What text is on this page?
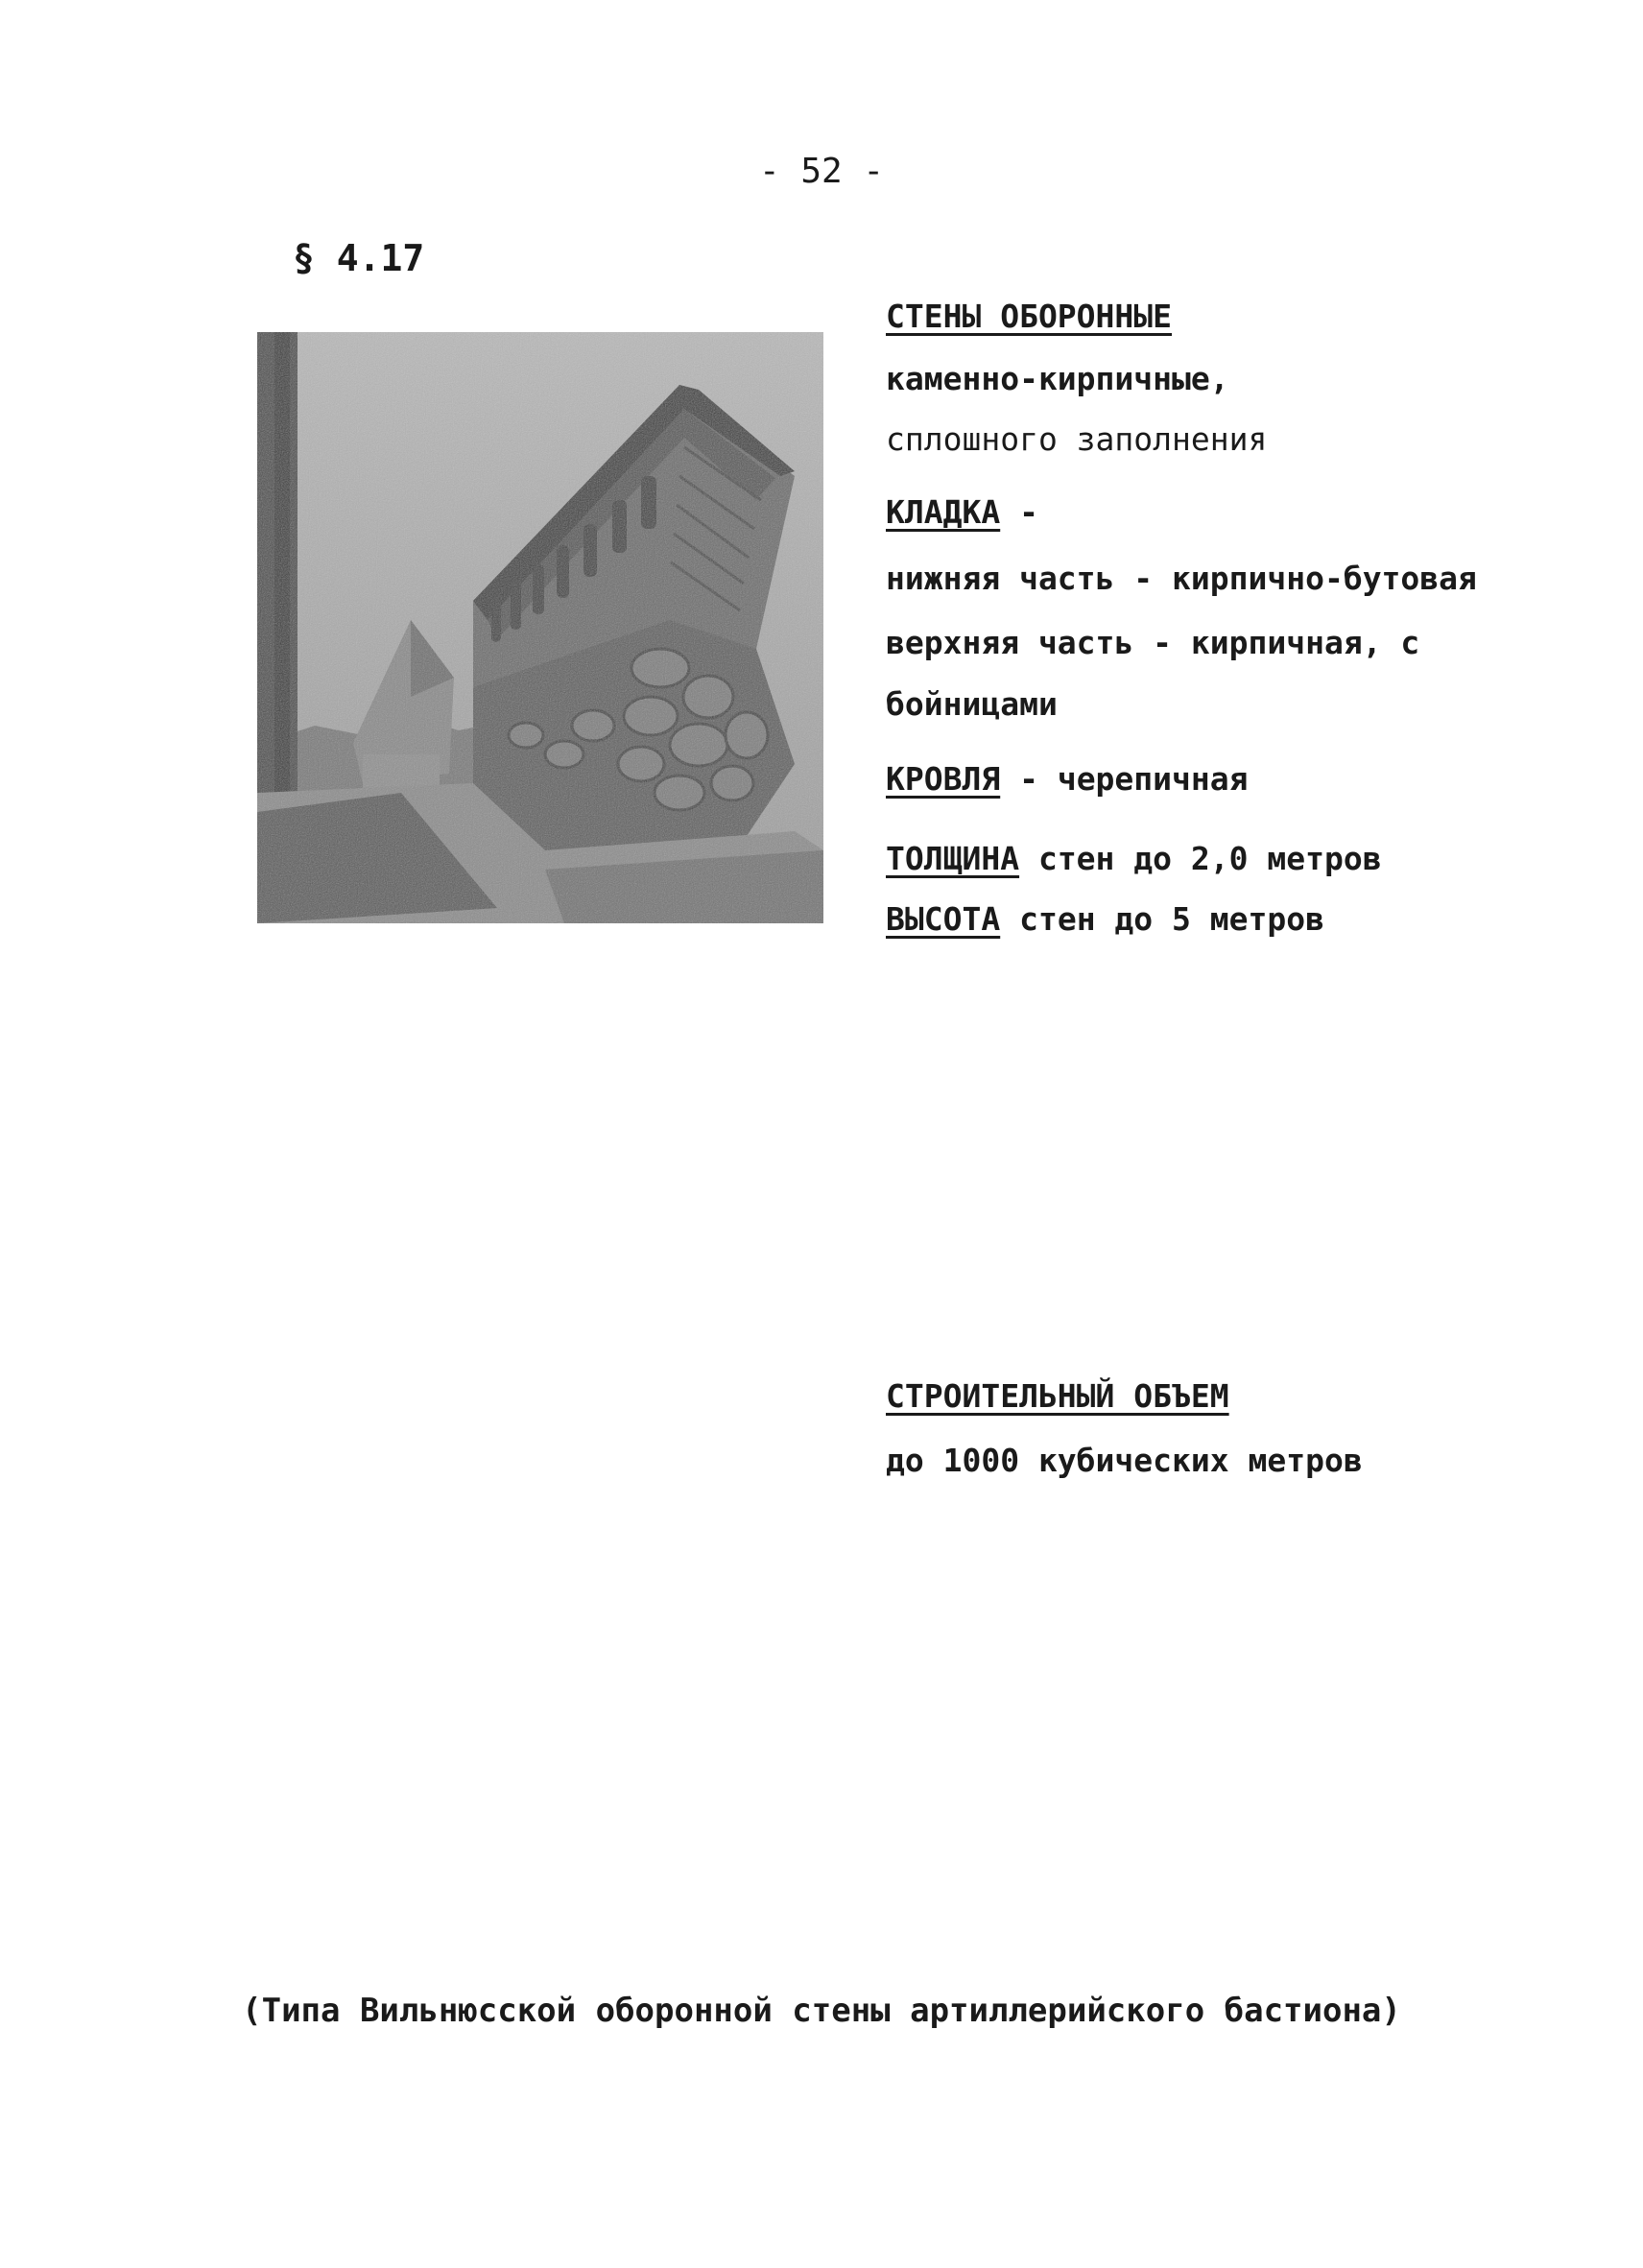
- 52 -
§ 4.17
СТЕНЫ ОБОРОННЫЕ
каменно-кирпичные,
сплошного заполнения
КЛАДКА -
нижняя часть - кирпично-бутовая
верхняя часть - кирпичная, с
бойницами
КРОВЛЯ - черепичная
ТОЛЩИНА стен до 2,0 метров
ВЫСОТА стен до 5 метров
СТРОИТЕЛЬНЫЙ ОБЪЕМ
до 1000 кубических метров
(Типа Вильнюсской оборонной стены артиллерийского бастиона)
